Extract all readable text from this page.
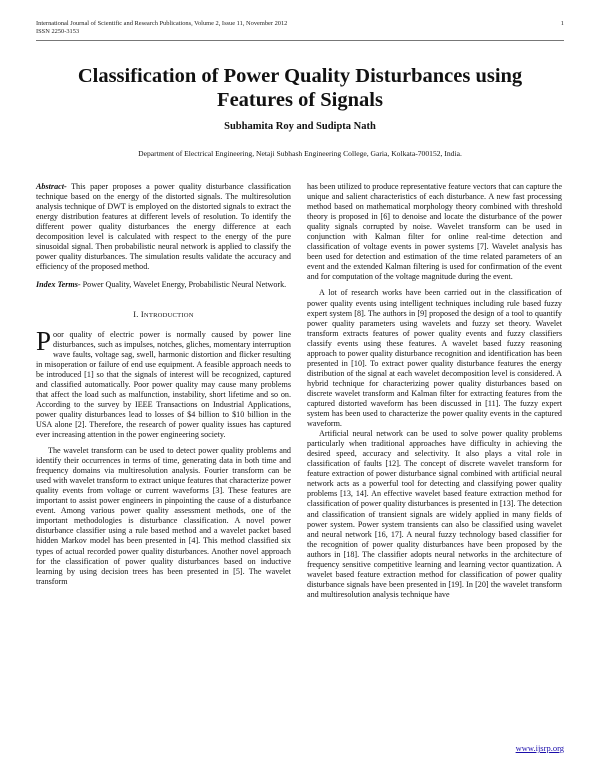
International Journal of Scientific and Research Publications, Volume 2, Issue 11, November 2012
ISSN 2250-3153
1
Classification of Power Quality Disturbances using Features of Signals
Subhamita Roy and Sudipta Nath
Department of Electrical Engineering, Netaji Subhash Engineering College, Garia, Kolkata-700152, India.

Abstract- This paper proposes a power quality disturbance classification technique based on the energy of the distorted signals. The multiresolution analysis technique of DWT is employed on the distorted signals to extract the energy distribution features at different levels of resolution. To identify the different power quality disturbances the energy difference at each decomposition level is calculated with respect to the energy of the pure sinusoidal signal. Then probabilistic neural network is applied to classify the power quality disturbances. The simulation results validate the accuracy and efficiency of the proposed method.

Index Terms- Power Quality, Wavelet Energy, Probabilistic Neural Network.

I. INTRODUCTION

Poor quality of electric power is normally caused by power line disturbances, such as impulses, notches, gliches, momentary interruption wave faults, voltage sag, swell, harmonic distortion and flicker resulting in misoperation or failure of end use equipment. A feasible approach needs to be introduced [1] so that the signals of interest will be recognized, captured and classified automatically. Poor power quality may cause many problems that affect the load such as malfunction, instability, short lifetime and so on. According to the survey by IEEE Transactions on Industrial Applications, power quality disturbances lead to losses of $4 billion to $10 billion in the USA alone [2]. Therefore, the research of power quality issues has captured ever increasing attention in the power engineering society.

The wavelet transform can be used to detect power quality problems and identify their occurrences in terms of time, generating data in both time and frequency domains via multiresolution analysis. Fourier transform can be used with wavelet transform to extract unique features that characterize power quality events from voltage or current waveforms [3]. These features are important to assist power engineers in pinpointing the cause of a disturbance event. Among various power quality assessment methods, one of the important methodologies is disturbance classification. A novel power disturbance classifier using a rule based method and a wavelet packet based hidden Markov model has been presented in [4]. This method classified six types of actual recorded power quality disturbances. Another novel approach for the classification of power quality disturbances based on inductive learning by using decision trees has been presented in [5]. The wavelet transform

has been utilized to produce representative feature vectors that can capture the unique and salient characteristics of each disturbance. A new fast processing method based on mathematical morphology theory combined with threshold theory is proposed in [6] to denoise and locate the disturbance of the power quality signals corrupted by noise. Wavelet transform can be used in conjunction with Kalman filter for online real-time detection and classification of voltage events in power systems [7]. Wavelet analysis has been used for detection and estimation of the time related parameters of an event and the extended Kalman filtering is used for confirmation of the event and for computation of the voltage magnitude during the event.

A lot of research works have been carried out in the classification of power quality events using intelligent techniques including rule based fuzzy expert system [8]. The authors in [9] proposed the design of a tool to quantify power quality parameters using wavelets and fuzzy set theory. Wavelet transform extracts features of power quality events and fuzzy classifiers classify events using these features. A wavelet based fuzzy reasoning approach to power quality disturbance recognition and identification has been presented in [10]. To extract power quality disturbance features the energy distribution of the signal at each wavelet decomposition level is considered. A hybrid technique for characterizing power quality disturbances based on discrete wavelet transform and Kalman filter for extracting features from the captured distorted waveform has been discussed in [11]. The fuzzy expert system has been used to characterize the power quality events in the captured waveform.

Artificial neural network can be used to solve power quality problems particularly when traditional approaches have difficulty in achieving the desired speed, accuracy and selectivity. It also plays a vital role in classification of faults [12]. The concept of discrete wavelet transform for feature extraction of power disturbance signal combined with artificial neural network acts as a powerful tool for detecting and classifying power quality problems [13, 14]. An effective wavelet based feature extraction method for classification of power quality disturbances is presented in [13]. The detection and classification of transient signals are widely applied in many fields of power system. Power system transients can also be classified using wavelet and neural network [16, 17]. A neural fuzzy technology based classifier for the recognition of power quality disturbances have been proposed by the authors in [18]. The classifier adopts neural networks in the architecture of frequency sensitive competitive learning and learning vector quantization. A wavelet based feature extraction method for classification of power quality disturbance signals have been presented in [19]. In [20] the wavelet transform and multiresolution analysis technique have

www.ijsrp.org
